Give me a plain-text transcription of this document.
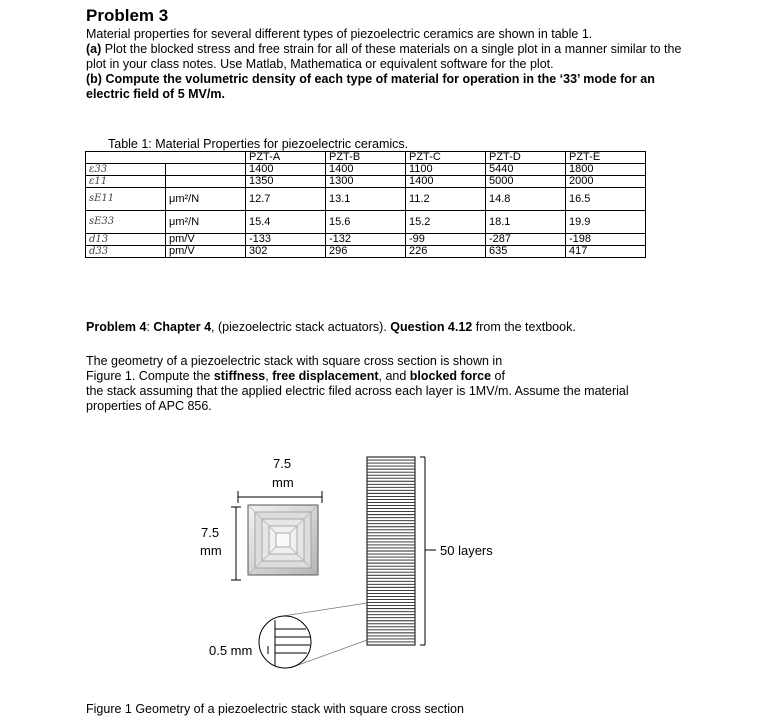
Problem 3
Material properties for several different types of piezoelectric ceramics are shown in table 1.
(a) Plot the blocked stress and free strain for all of these materials on a single plot in a manner similar to the plot in your class notes. Use Matlab, Mathematica or equivalent software for the plot.
(b) Compute the volumetric density of each type of material for operation in the ‘33’ mode for an electric field of 5 MV/m.
Table 1: Material Properties for piezoelectric ceramics.
		PZT-A	PZT-B	PZT-C	PZT-D	PZT-E
ε33		1400	1400	1100	5440	1800
ε11		1350	1300	1400	5000	2000
sE11	μm²/N	12.7	13.1	11.2	14.8	16.5
sE33	μm²/N	15.4	15.6	15.2	18.1	19.9
d13	pm/V	-133	-132	-99	-287	-198
d33	pm/V	302	296	226	635	417
Problem 4: Chapter 4, (piezoelectric stack actuators). Question 4.12 from the textbook.
The geometry of a piezoelectric stack with square cross section is shown in
Figure 1. Compute the stiffness, free displacement, and blocked force of
the stack assuming that the applied electric filed across each layer is 1MV/m. Assume the material properties of APC 856.
7.5
mm
7.5
mm	50 layers
0.5 mm
Figure 1 Geometry of a piezoelectric stack with square cross section
